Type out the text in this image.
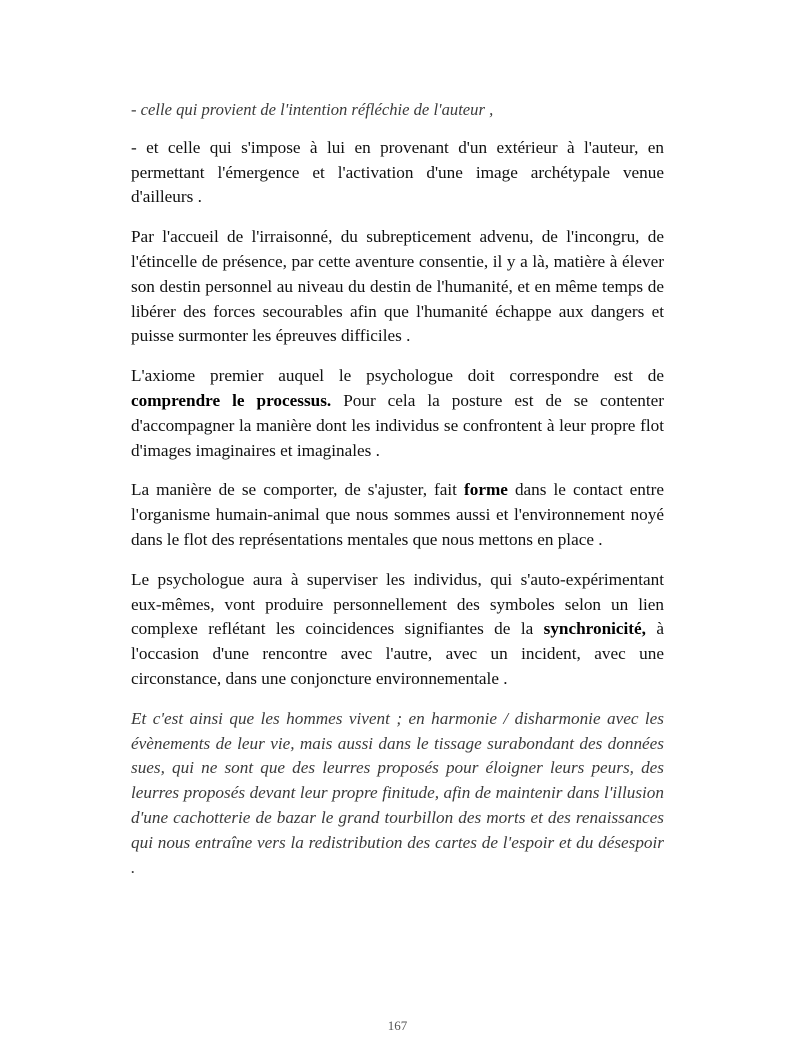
- celle qui provient de l'intention réfléchie de l'auteur ,

- et celle qui s'impose à lui en provenant d'un extérieur à l'auteur, en permettant l'émergence et l'activation d'une image archétypale venue d'ailleurs .

Par l'accueil de l'irraisonné, du subrepticement advenu, de l'incongru, de l'étincelle de présence, par cette aventure consentie, il y a là, matière à élever son destin personnel au niveau du destin de l'humanité, et en même temps de libérer des forces secourables afin que l'humanité échappe aux dangers et puisse surmonter les épreuves difficiles .

L'axiome premier auquel le psychologue doit correspondre est de comprendre le processus. Pour cela la posture est de se contenter d'accompagner la manière dont les individus se confrontent à leur propre flot d'images imaginaires et imaginales .

La manière de se comporter, de s'ajuster, fait forme dans le contact entre l'organisme humain-animal que nous sommes aussi et l'environnement noyé dans le flot des représentations mentales que nous mettons en place .

Le psychologue aura à superviser les individus, qui s'auto-expérimentant eux-mêmes, vont produire personnellement des symboles selon un lien complexe reflétant les coincidences signifiantes de la synchronicité, à l'occasion d'une rencontre avec l'autre, avec un incident, avec une circonstance, dans une conjoncture environnementale .

Et c'est ainsi que les hommes vivent ; en harmonie / disharmonie avec les évènements de leur vie, mais aussi dans le tissage surabondant des données sues, qui ne sont que des leurres proposés pour éloigner leurs peurs, des leurres proposés devant leur propre finitude, afin de maintenir dans l'illusion d'une cachotterie de bazar le grand tourbillon des morts et des renaissances qui nous entraîne vers la redistribution des cartes de l'espoir et du désespoir .

167
